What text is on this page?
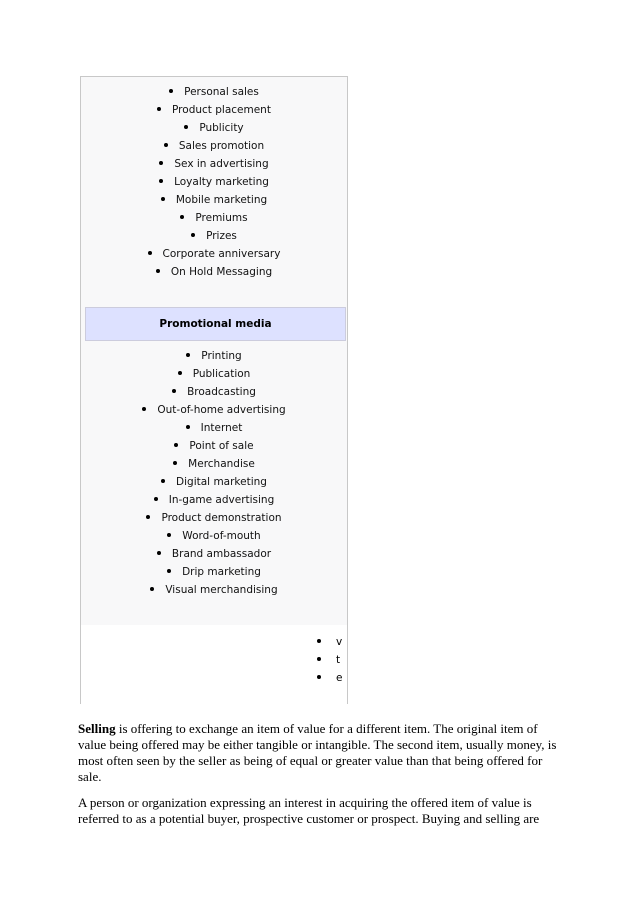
Personal sales
Product placement
Publicity
Sales promotion
Sex in advertising
Loyalty marketing
Mobile marketing
Premiums
Prizes
Corporate anniversary
On Hold Messaging
Promotional media
Printing
Publication
Broadcasting
Out-of-home advertising
Internet
Point of sale
Merchandise
Digital marketing
In-game advertising
Product demonstration
Word-of-mouth
Brand ambassador
Drip marketing
Visual merchandising
v
t
e

Selling is offering to exchange an item of value for a different item. The original item of value being offered may be either tangible or intangible. The second item, usually money, is most often seen by the seller as being of equal or greater value than that being offered for sale.

A person or organization expressing an interest in acquiring the offered item of value is referred to as a potential buyer, prospective customer or prospect. Buying and selling are
